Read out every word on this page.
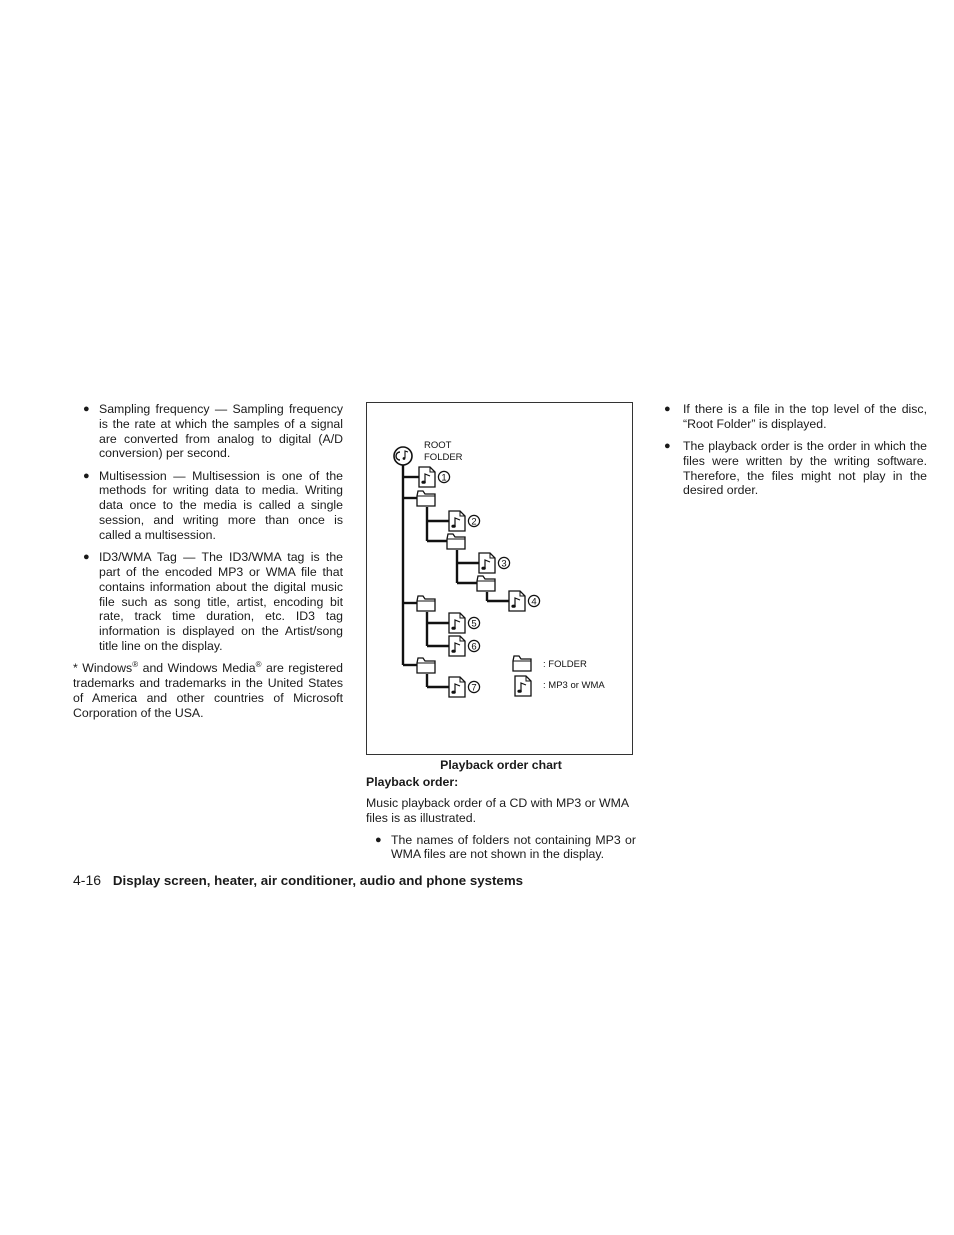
● Sampling frequency — Sampling frequency is the rate at which the samples of a signal are converted from analog to digital (A/D conversion) per second.
● Multisession — Multisession is one of the methods for writing data to media. Writing data once to the media is called a single session, and writing more than once is called a multisession.
● ID3/WMA Tag — The ID3/WMA tag is the part of the encoded MP3 or WMA file that contains information about the digital music file such as song title, artist, encoding bit rate, track time duration, etc. ID3 tag information is displayed on the Artist/song title line on the display.
* Windows® and Windows Media® are registered trademarks and trademarks in the United States of America and other countries of Microsoft Corporation of the USA.
ROOT
FOLDER
1
2
3
4
5
6
7
: FOLDER
: MP3 or WMA
Playback order chart
Playback order:
Music playback order of a CD with MP3 or WMA files is as illustrated.
● The names of folders not containing MP3 or WMA files are not shown in the display.
● If there is a file in the top level of the disc, “Root Folder” is displayed.
● The playback order is the order in which the files were written by the writing software. Therefore, the files might not play in the desired order.
4-16 Display screen, heater, air conditioner, audio and phone systems
